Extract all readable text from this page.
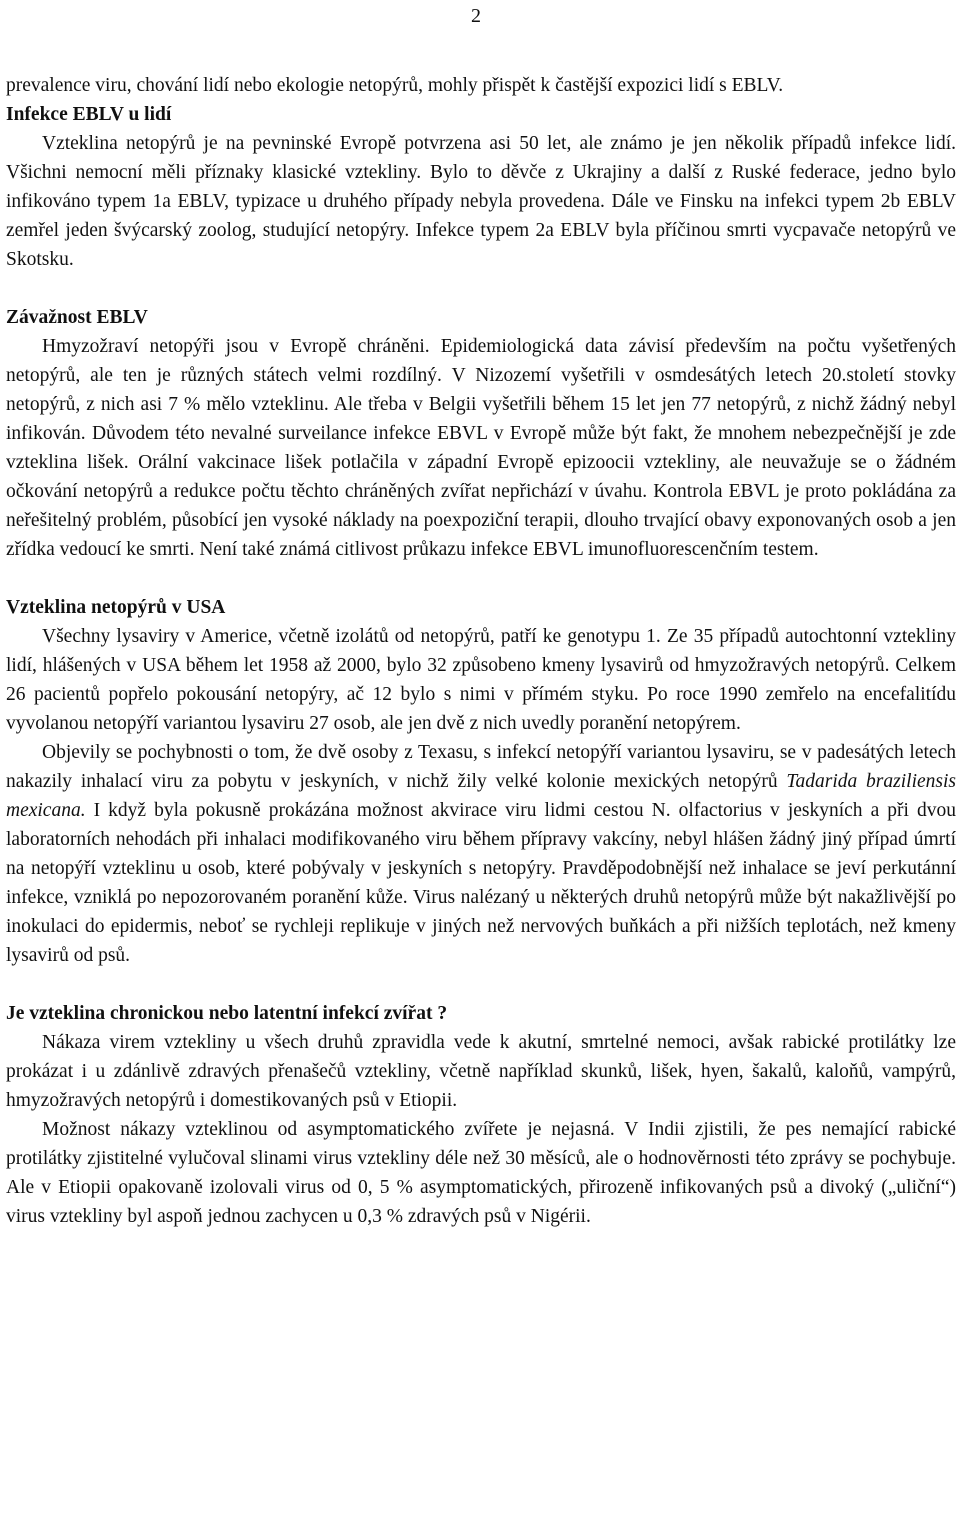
2

prevalence viru, chování lidí nebo ekologie netopýrů, mohly přispět k častější expozici lidí s EBLV.

Infekce EBLV u lidí

Vzteklina netopýrů je na pevninské Evropě potvrzena asi 50 let, ale známo je jen několik případů infekce lidí. Všichni nemocní měli příznaky klasické vztekliny. Bylo to děvče z Ukrajiny a další z Ruské federace, jedno bylo infikováno typem 1a EBLV, typizace u druhého případy nebyla provedena. Dále ve Finsku na infekci typem 2b EBLV zemřel jeden švýcarský zoolog, studující netopýry. Infekce typem 2a EBLV byla příčinou smrti vycpavače netopýrů ve Skotsku.

Závažnost EBLV

Hmyzožraví netopýři jsou v Evropě chráněni. Epidemiologická data závisí především na počtu vyšetřených netopýrů, ale ten je různých státech velmi rozdílný. V Nizozemí vyšetřili v osmdesátých letech 20.století stovky netopýrů, z nich asi 7 % mělo vzteklinu. Ale třeba v Belgii vyšetřili během 15 let jen 77 netopýrů, z nichž žádný nebyl infikován. Důvodem této nevalné surveilance infekce EBVL v Evropě může být fakt, že mnohem nebezpečnější je zde vzteklina lišek. Orální vakcinace lišek potlačila v západní Evropě epizoocii vztekliny, ale neuvažuje se o žádném očkování netopýrů a redukce počtu těchto chráněných zvířat nepřichází v úvahu. Kontrola EBVL je proto pokládána za neřešitelný problém, působící jen vysoké náklady na poexpoziční terapii, dlouho trvající obavy exponovaných osob a jen zřídka vedoucí ke smrti. Není také známá citlivost průkazu infekce EBVL imunofluorescenčním testem.

Vzteklina netopýrů v USA

Všechny lysaviry v Americe, včetně izolátů od netopýrů, patří ke genotypu 1. Ze 35 případů autochtonní vztekliny lidí, hlášených v USA během let 1958 až 2000, bylo 32 způsobeno kmeny lysavirů od hmyzožravých netopýrů. Celkem 26 pacientů popřelo pokousání netopýry, ač 12 bylo s nimi v přímém styku. Po roce 1990 zemřelo na encefalitídu vyvolanou netopýří variantou lysaviru 27 osob, ale jen dvě z nich uvedly poranění netopýrem.

Objevily se pochybnosti o tom, že dvě osoby z Texasu, s infekcí netopýří variantou lysaviru, se v padesátých letech nakazily inhalací viru za pobytu v jeskyních, v nichž žily velké kolonie mexických netopýrů Tadarida braziliensis mexicana. I když byla pokusně prokázána možnost akvirace viru lidmi cestou N. olfactorius v jeskyních a při dvou laboratorních nehodách při inhalaci modifikovaného viru během přípravy vakcíny, nebyl hlášen žádný jiný případ úmrtí na netopýří vzteklinu u osob, které pobývaly v jeskyních s netopýry. Pravděpodobnější než inhalace se jeví perkutánní infekce, vzniklá po nepozorovaném poranění kůže. Virus nalézaný u některých druhů netopýrů může být nakažlivější po inokulaci do epidermis, neboť se rychleji replikuje v jiných než nervových buňkách a při nižších teplotách, než kmeny lysavirů od psů.

Je vzteklina chronickou nebo latentní infekcí zvířat ?

Nákaza virem vztekliny u všech druhů zpravidla vede k akutní, smrtelné nemoci, avšak rabické protilátky lze prokázat i u zdánlivě zdravých přenašečů vztekliny, včetně například skunků, lišek, hyen, šakalů, kaloňů, vampýrů, hmyzožravých netopýrů i domestikovaných psů v Etiopii.

Možnost nákazy vzteklinou od asymptomatického zvířete je nejasná. V Indii zjistili, že pes nemající rabické protilátky zjistitelné vylučoval slinami virus vztekliny déle než 30 měsíců, ale o hodnověrnosti této zprávy se pochybuje. Ale v Etiopii opakovaně izolovali virus od 0, 5 % asymptomatických, přirozeně infikovaných psů a divoký („uliční“) virus vztekliny byl aspoň jednou zachycen u 0,3 % zdravých psů v Nigérii.
